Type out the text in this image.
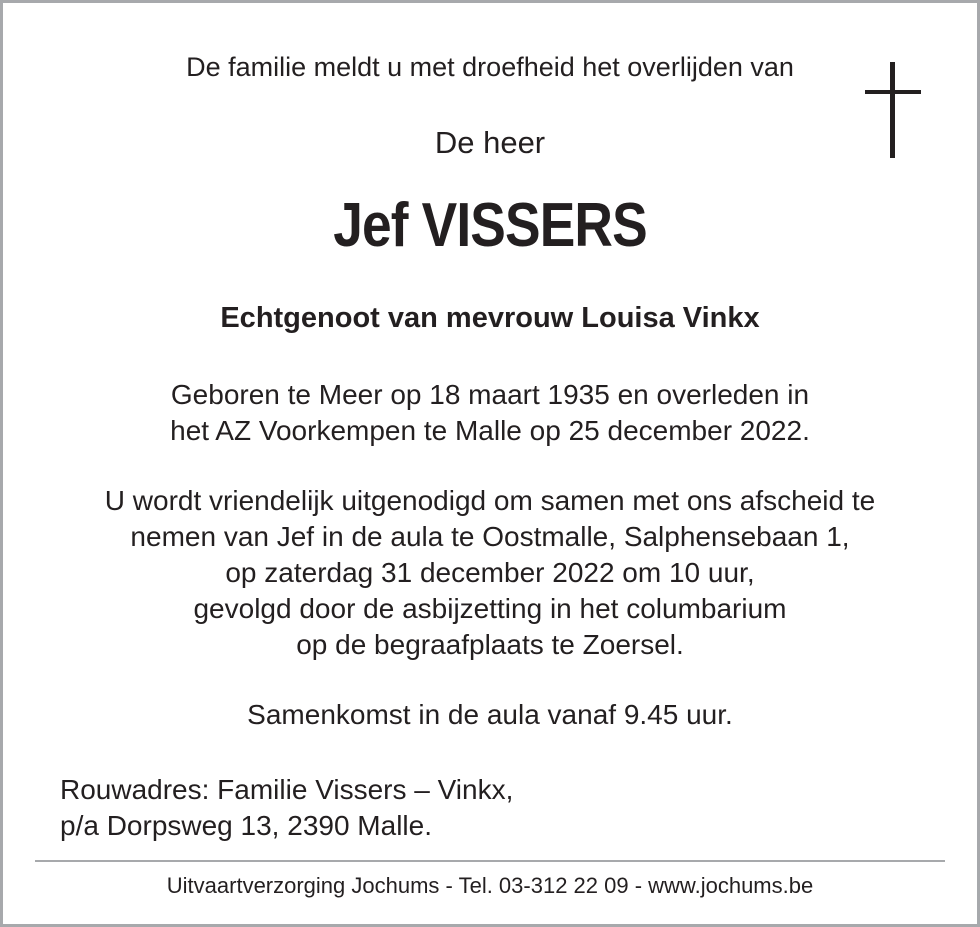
De familie meldt u met droefheid het overlijden van
De heer
Jef VISSERS
Echtgenoot van mevrouw Louisa Vinkx
Geboren te Meer op 18 maart 1935 en overleden in
het AZ Voorkempen te Malle op 25 december 2022.
U wordt vriendelijk uitgenodigd om samen met ons afscheid te
nemen van Jef in de aula te Oostmalle, Salphensebaan 1,
op zaterdag 31 december 2022 om 10 uur,
gevolgd door de asbijzetting in het columbarium
op de begraafplaats te Zoersel.
Samenkomst in de aula vanaf 9.45 uur.
Rouwadres: Familie Vissers – Vinkx,
p/a Dorpsweg 13, 2390 Malle.
Uitvaartverzorging Jochums - Tel. 03-312 22 09 - www.jochums.be
